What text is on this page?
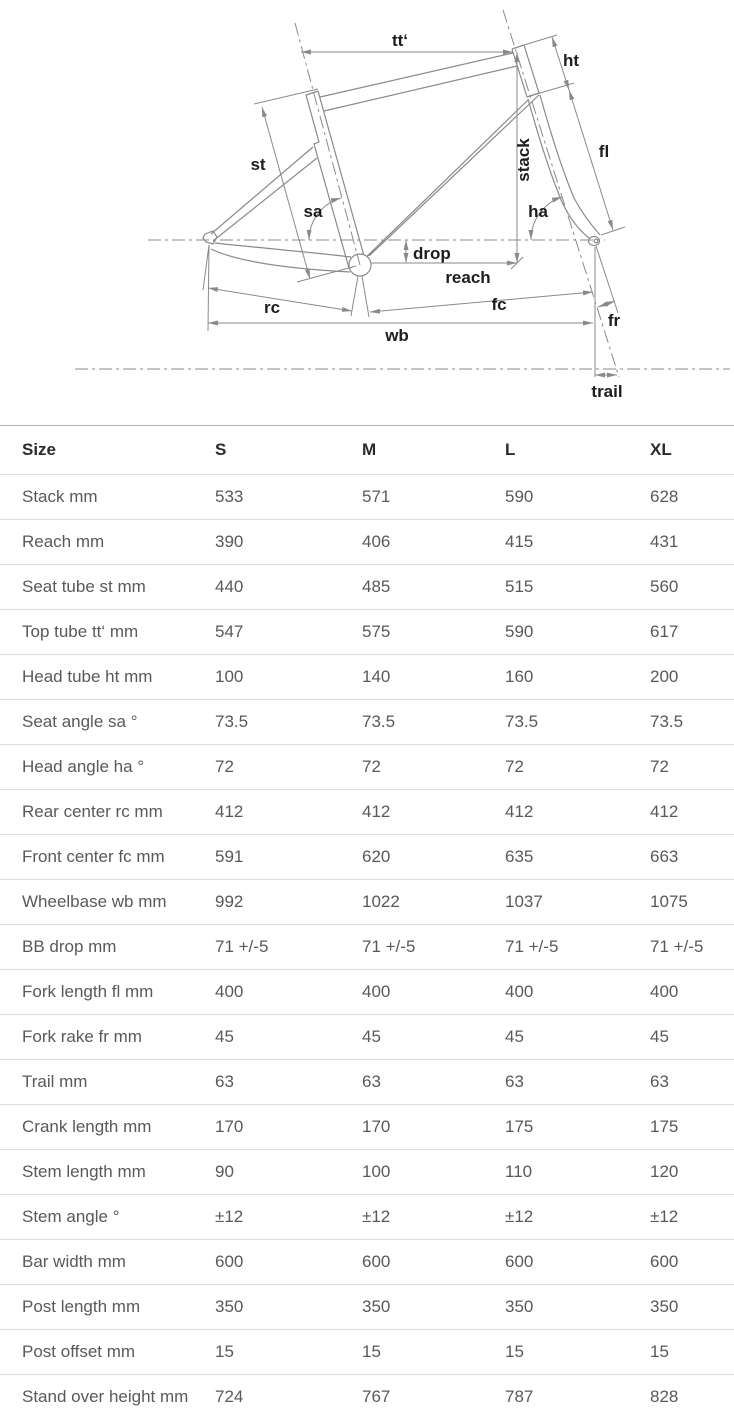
tt‘
ht
fl
st
sa	ha
stack
drop
reach
rc	fc
wb
fr
trail
Size	S	M	L	XL
Stack mm	533	571	590	628
Reach mm	390	406	415	431
Seat tube st mm	440	485	515	560
Top tube tt‘ mm	547	575	590	617
Head tube ht mm	100	140	160	200
Seat angle sa °	73.5	73.5	73.5	73.5
Head angle ha °	72	72	72	72
Rear center rc mm	412	412	412	412
Front center fc mm	591	620	635	663
Wheelbase wb mm	992	1022	1037	1075
BB drop mm	71 +/-5	71 +/-5	71 +/-5	71 +/-5
Fork length fl mm	400	400	400	400
Fork rake fr mm	45	45	45	45
Trail mm	63	63	63	63
Crank length mm	170	170	175	175
Stem length mm	90	100	110	120
Stem angle °	±12	±12	±12	±12
Bar width mm	600	600	600	600
Post length mm	350	350	350	350
Post offset mm	15	15	15	15
Stand over height mm	724	767	787	828
